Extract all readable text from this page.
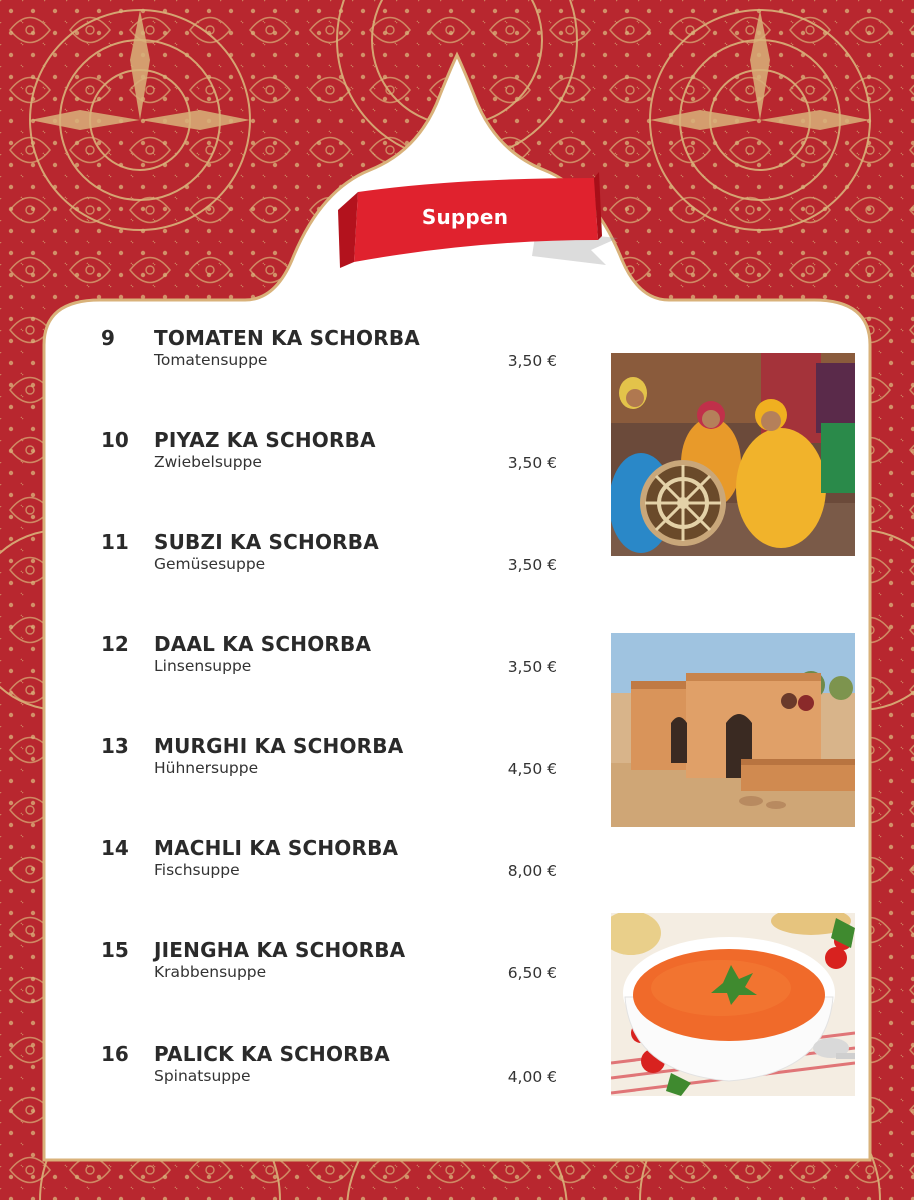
Suppen
9 TOMATEN KA SCHORBA
Tomatensuppe	3,50 €
10 PIYAZ KA SCHORBA
Zwiebelsuppe	3,50 €
11 SUBZI KA SCHORBA
Gemüsesuppe	3,50 €
12 DAAL KA SCHORBA
Linsensuppe	3,50 €
13 MURGHI KA SCHORBA
Hühnersuppe	4,50 €
14 MACHLI KA SCHORBA
Fischsuppe	8,00 €
15 JIENGHA KA SCHORBA
Krabbensuppe	6,50 €
16 PALICK KA SCHORBA
Spinatsuppe	4,00 €
